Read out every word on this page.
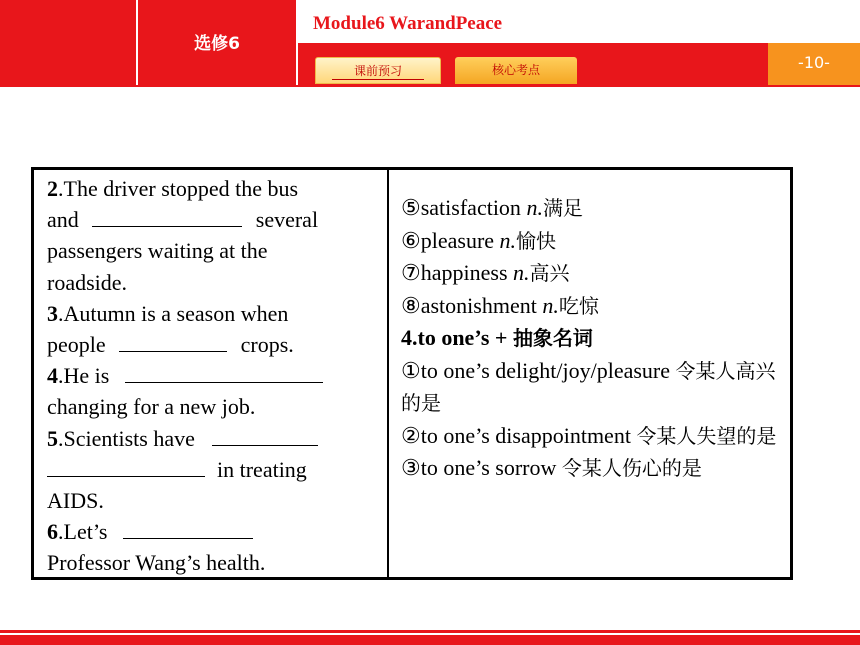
选修6
Module6 WarandPeace
课前预习	核心考点	-10-

2.The driver stopped the bus

and	several

passengers waiting at the

roadside.

3.Autumn is a season when

people	crops.

4.He is

changing for a new job.

5.Scientists have

in treating

AIDS.

6.Let’s

Professor Wang’s health.

⑤satisfaction n.满足

⑥pleasure n.愉快

⑦happiness n.高兴

⑧astonishment n.吃惊

4.to one’s + 抽象名词

①to one’s delight/joy/pleasure 令某人高兴的是

②to one’s disappointment 令某人失望的是

③to one’s sorrow 令某人伤心的是
